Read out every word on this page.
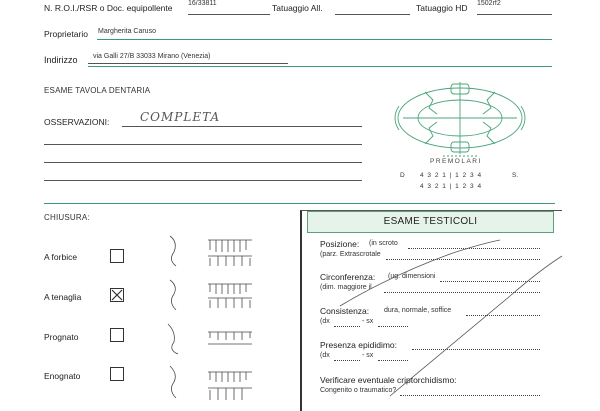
N. R.O.I./RSR o Doc. equipollente 16/33811	Tatuaggio All.	Tatuaggio HD 1502rf2
Proprietario Margherita Caruso
Indirizzo via Galli 27/B 33033 Mirano (Venezia)
ESAME TAVOLA DENTARIA
OSSERVAZIONI:	COMPLETA
PREMOLARI
D 4 3 2 1 | 1 2 3 4	S.
4 3 2 1 | 1 2 3 4
CHIUSURA:
A forbice
A tenaglia
Prognato
Enognato
ESAME TESTICOLI
Posizione: (in scroto
(parz. Extrascrotale
Circonferenza: (ug. dimensioni
(dim. maggiore il
Consistenza: dura, normale, soffice
(dx	- sx
Presenza epididimo:
(dx	- sx
Verificare eventuale criptorchidismo:
Congenito o traumatico?
